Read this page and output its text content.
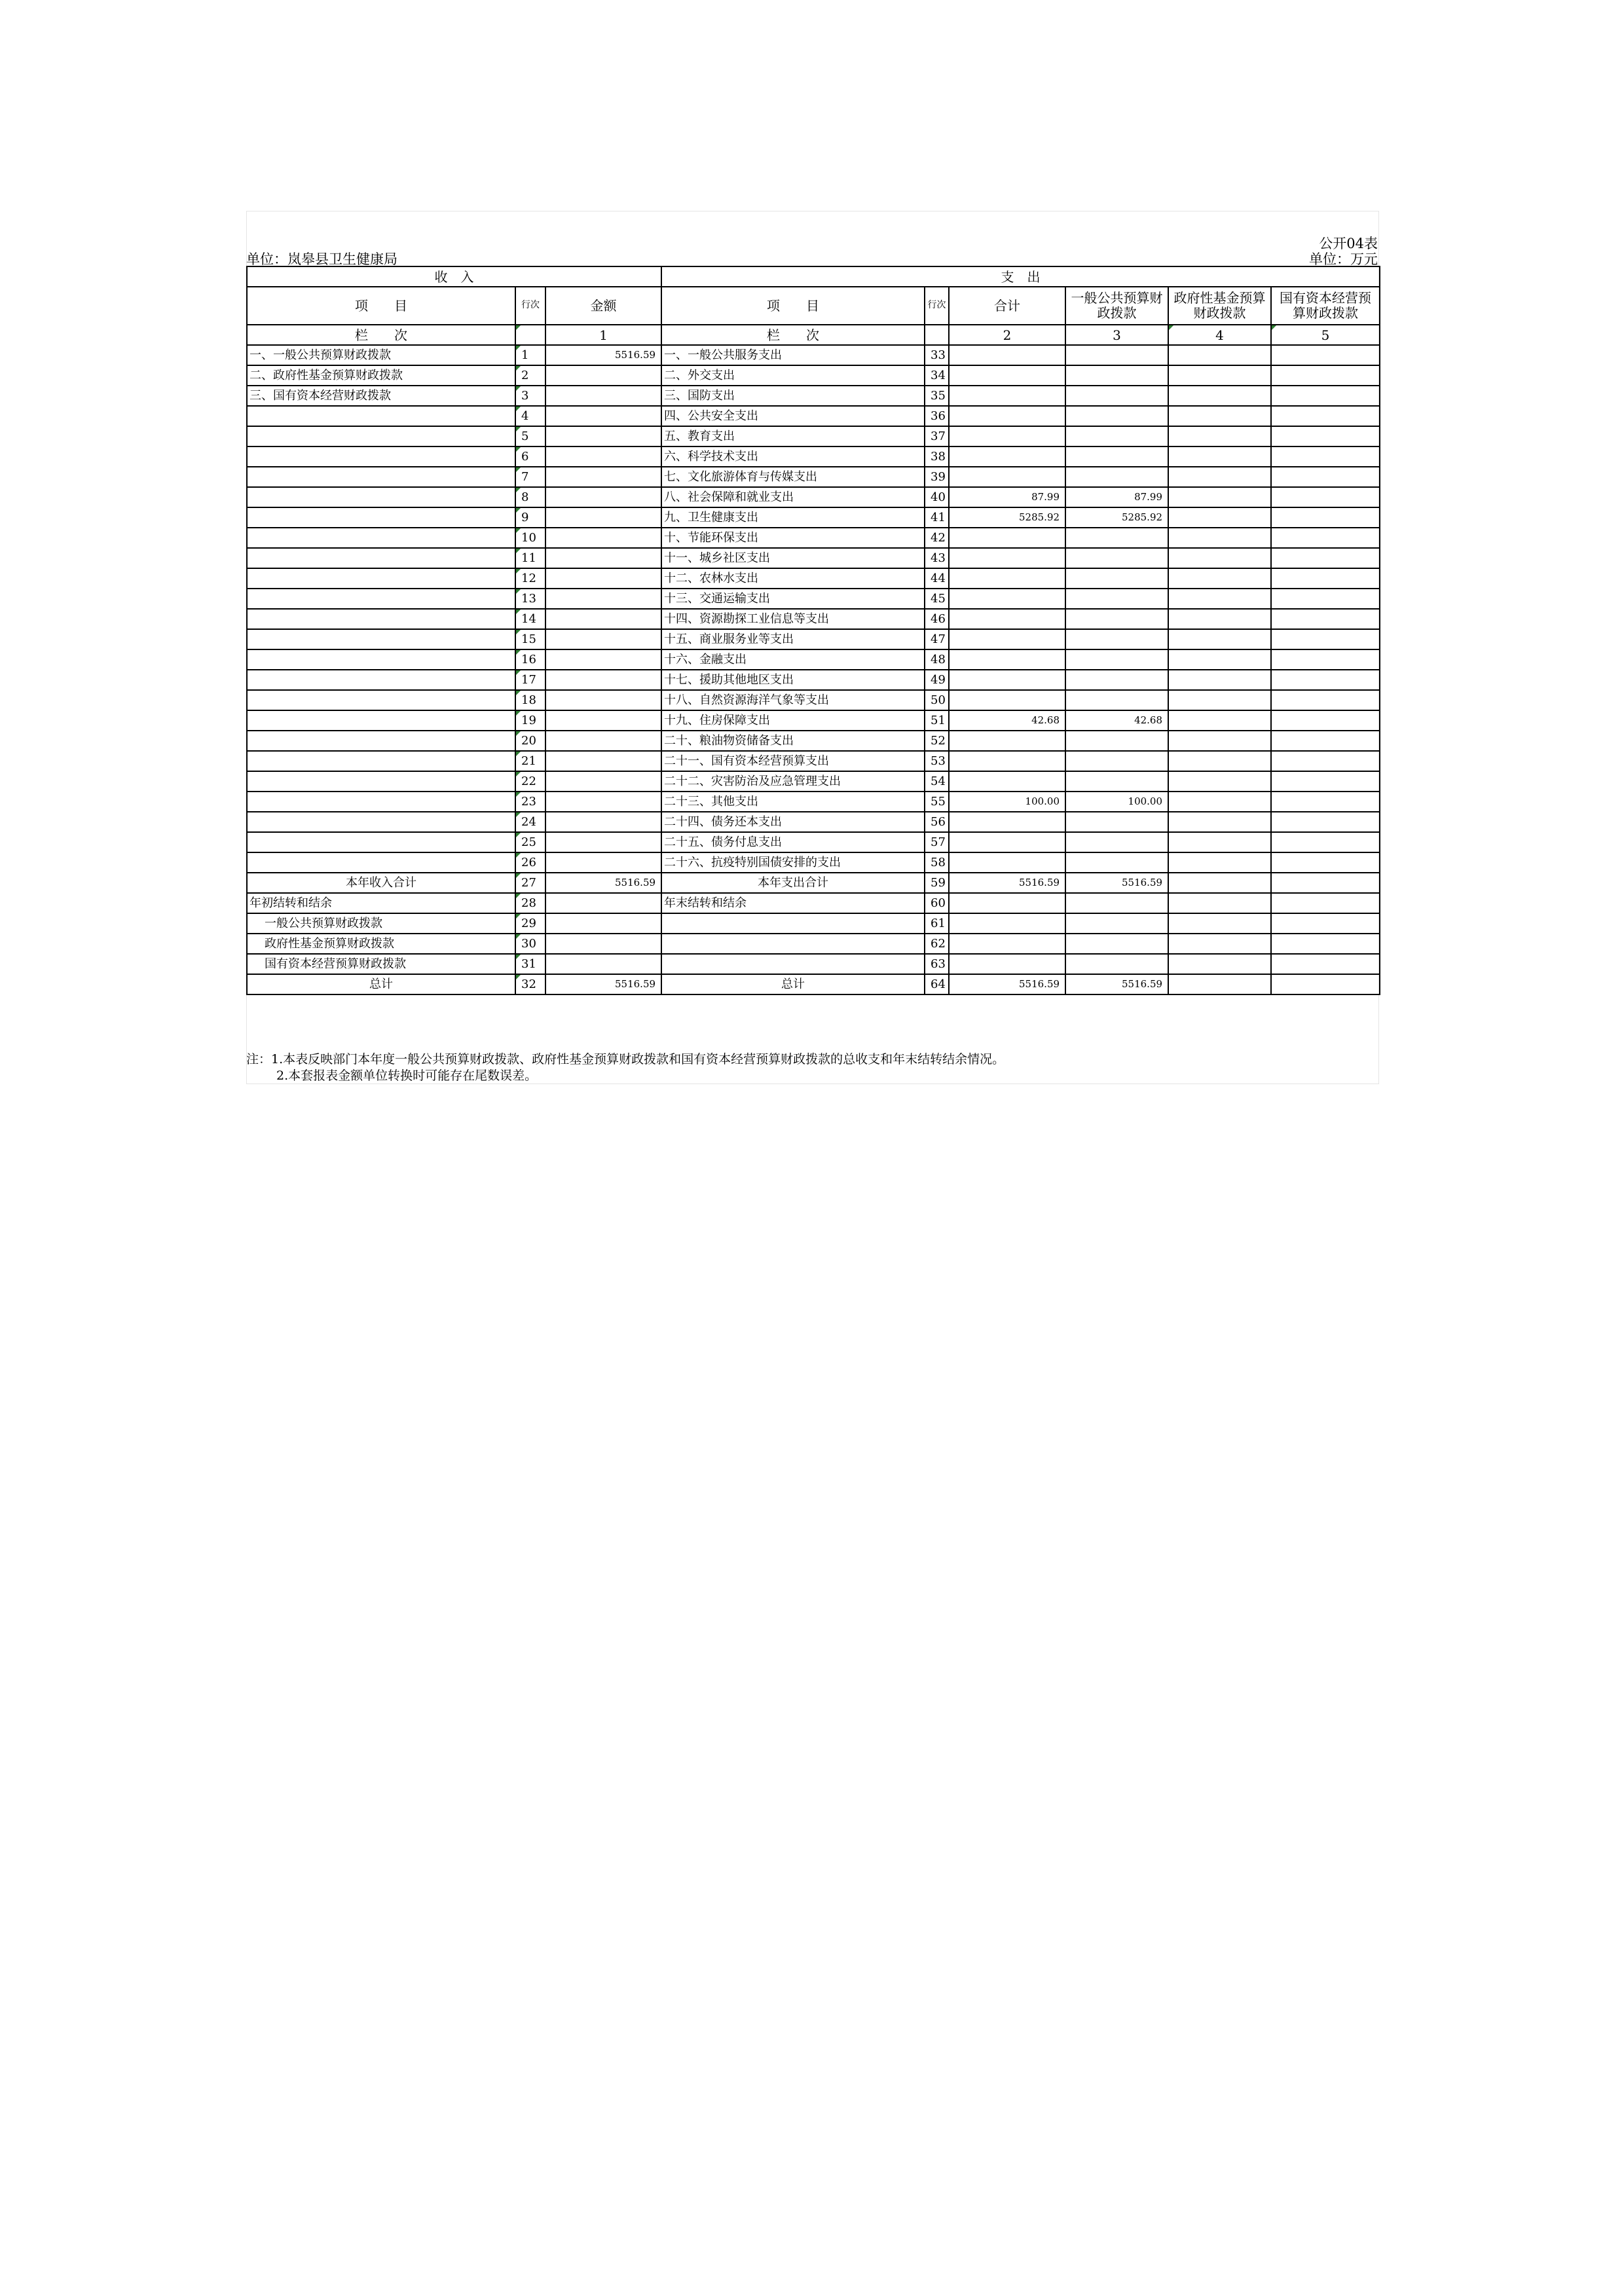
公开04表
单位：岚皋县卫生健康局	单位：万元
收　入			支　出					
项　　目	行次	金额	项　　目	行次	合计	一般公共预算财政拨款	政府性基金预算财政拨款	国有资本经营预算财政拨款
栏　　次		1	栏　　次		2	3	4	5
一、一般公共预算财政拨款	1	5516.59	一、一般公共服务支出	33				
二、政府性基金预算财政拨款	2		二、外交支出	34				
三、国有资本经营财政拨款	3		三、国防支出	35				
	4		四、公共安全支出	36				
	5		五、教育支出	37				
	6		六、科学技术支出	38				
	7		七、文化旅游体育与传媒支出	39				
	8		八、社会保障和就业支出	40	87.99	87.99		
	9		九、卫生健康支出	41	5285.92	5285.92		
	10		十、节能环保支出	42				
	11		十一、城乡社区支出	43				
	12		十二、农林水支出	44				
	13		十三、交通运输支出	45				
	14		十四、资源勘探工业信息等支出	46				
	15		十五、商业服务业等支出	47				
	16		十六、金融支出	48				
	17		十七、援助其他地区支出	49				
	18		十八、自然资源海洋气象等支出	50				
	19		十九、住房保障支出	51	42.68	42.68		
	20		二十、粮油物资储备支出	52				
	21		二十一、国有资本经营预算支出	53				
	22		二十二、灾害防治及应急管理支出	54				
	23		二十三、其他支出	55	100.00	100.00		
	24		二十四、债务还本支出	56				
	25		二十五、债务付息支出	57				
	26		二十六、抗疫特别国债安排的支出	58				
本年收入合计	27	5516.59	本年支出合计	59	5516.59	5516.59		
年初结转和结余	28		年末结转和结余	60				
一般公共预算财政拨款	29			61				
政府性基金预算财政拨款	30			62				
国有资本经营预算财政拨款	31			63				
总计	32	5516.59	总计	64	5516.59	5516.59		
注：1.本表反映部门本年度一般公共预算财政拨款、政府性基金预算财政拨款和国有资本经营预算财政拨款的总收支和年末结转结余情况。
2.本套报表金额单位转换时可能存在尾数误差。
